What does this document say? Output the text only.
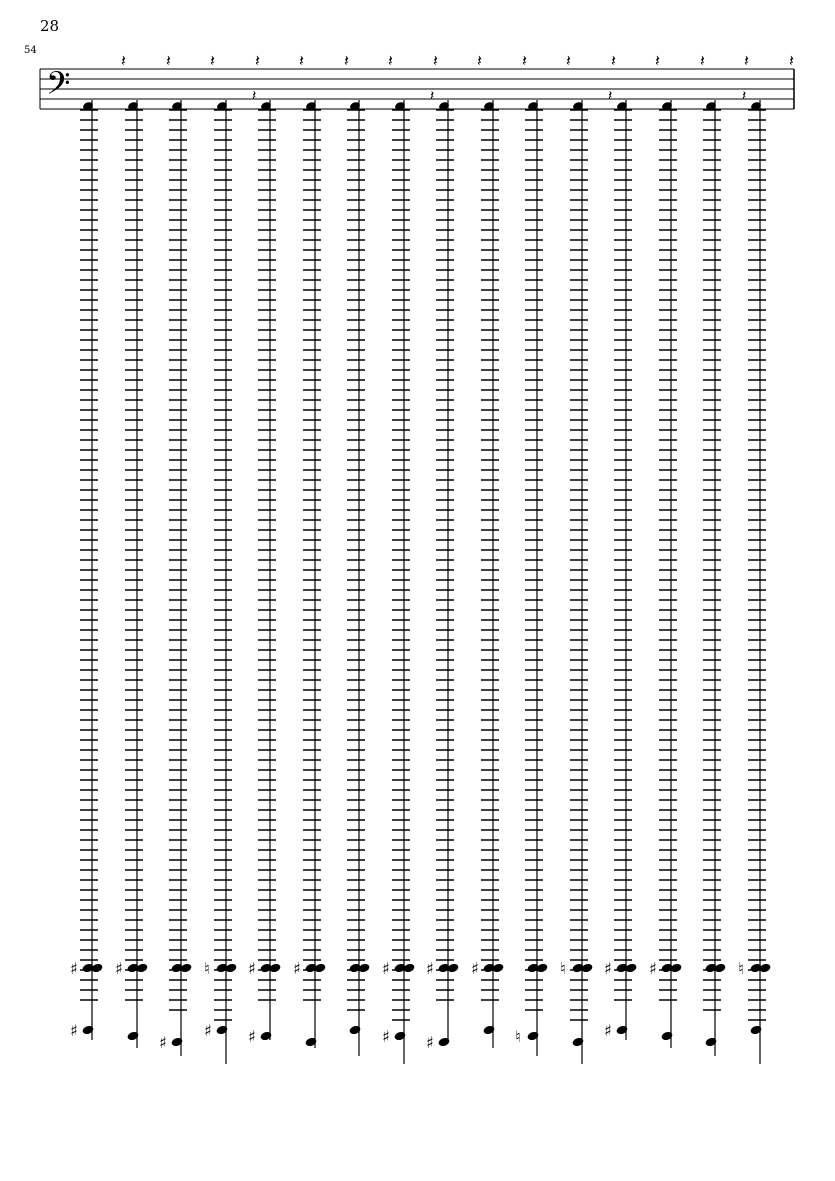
28
54
𝄢
𝄽
♯
♯
𝄽
♯
𝄽
♯
𝄽
♮
♯
𝄽
𝄽
♯
♯
𝄽
♯
𝄽	𝄽
♯
♯
𝄽
𝄽
♯
♯
𝄽
♯
𝄽
♮
𝄽
♮
𝄽
𝄽
♯
♯
𝄽
♯
𝄽	𝄽
𝄽
♮
